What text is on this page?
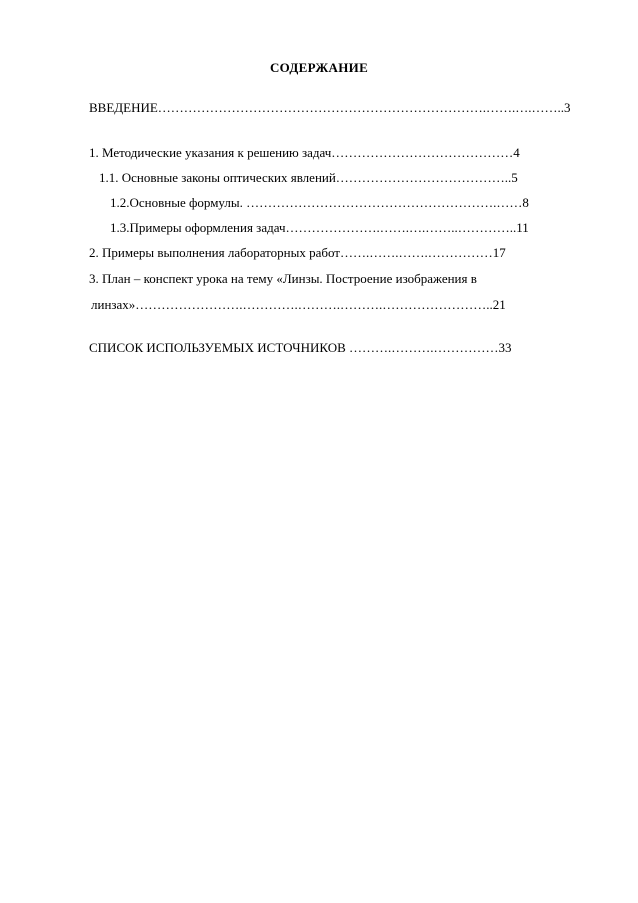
СОДЕРЖАНИЕ
ВВЕДЕНИЕ………………………………………………………………….…….….……..3
1. Методические указания к решению задач……………………………………4
1.1. Основные законы оптических явлений…………………………………..5
1.2.Основные формулы. ………………………………………………….……8
1.3.Примеры оформления задач………………….…….….……..…………..11
2. Примеры выполнения лабораторных работ…….…….…….……………17
3. План – конспект урока на тему «Линзы. Построение изображения в
линзах»…………………….………….……….……….……………………..21
СПИСОК ИСПОЛЬЗУЕМЫХ ИСТОЧНИКОВ ……….……….……………33
